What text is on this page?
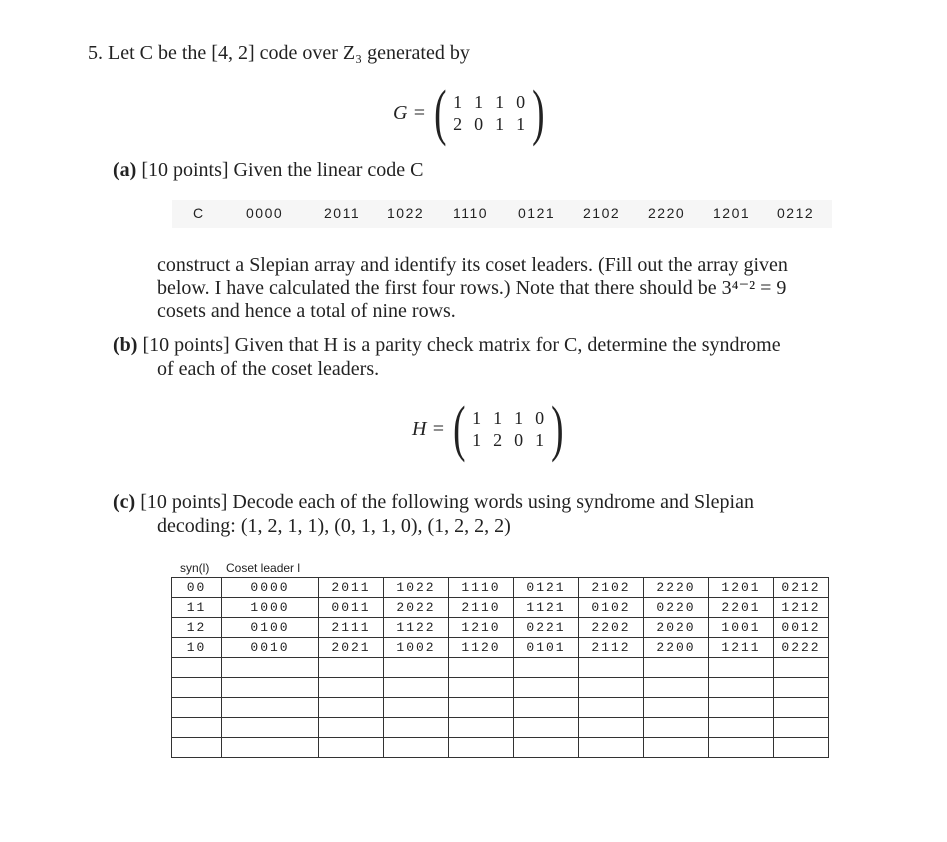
5. Let C be the [4, 2] code over Z₃ generated by
G = ( 1 1 1 0
2 0 1 1 )
(a) [10 points] Given the linear code C
C	0000	2011 1022 1110 0121 2102 2220 1201 0212
construct a Slepian array and identify its coset leaders. (Fill out the array given
below. I have calculated the first four rows.) Note that there should be 3⁴⁻² = 9
cosets and hence a total of nine rows.
(b) [10 points] Given that H is a parity check matrix for C, determine the syndrome
of each of the coset leaders.
H = ( 1 1 1 0
1 2 0 1 )
(c) [10 points] Decode each of the following words using syndrome and Slepian
decoding: (1, 2, 1, 1), (0, 1, 1, 0), (1, 2, 2, 2)
syn(l) Coset leader l
00	0000	2011	1022	1110	0121	2102	2220	1201	0212
11	1000	0011	2022	2110	1121	0102	0220	2201	1212
12	0100	2111	1122	1210	0221	2202	2020	1001	0012
10	0010	2021	1002	1120	0101	2112	2200	1211	0222
